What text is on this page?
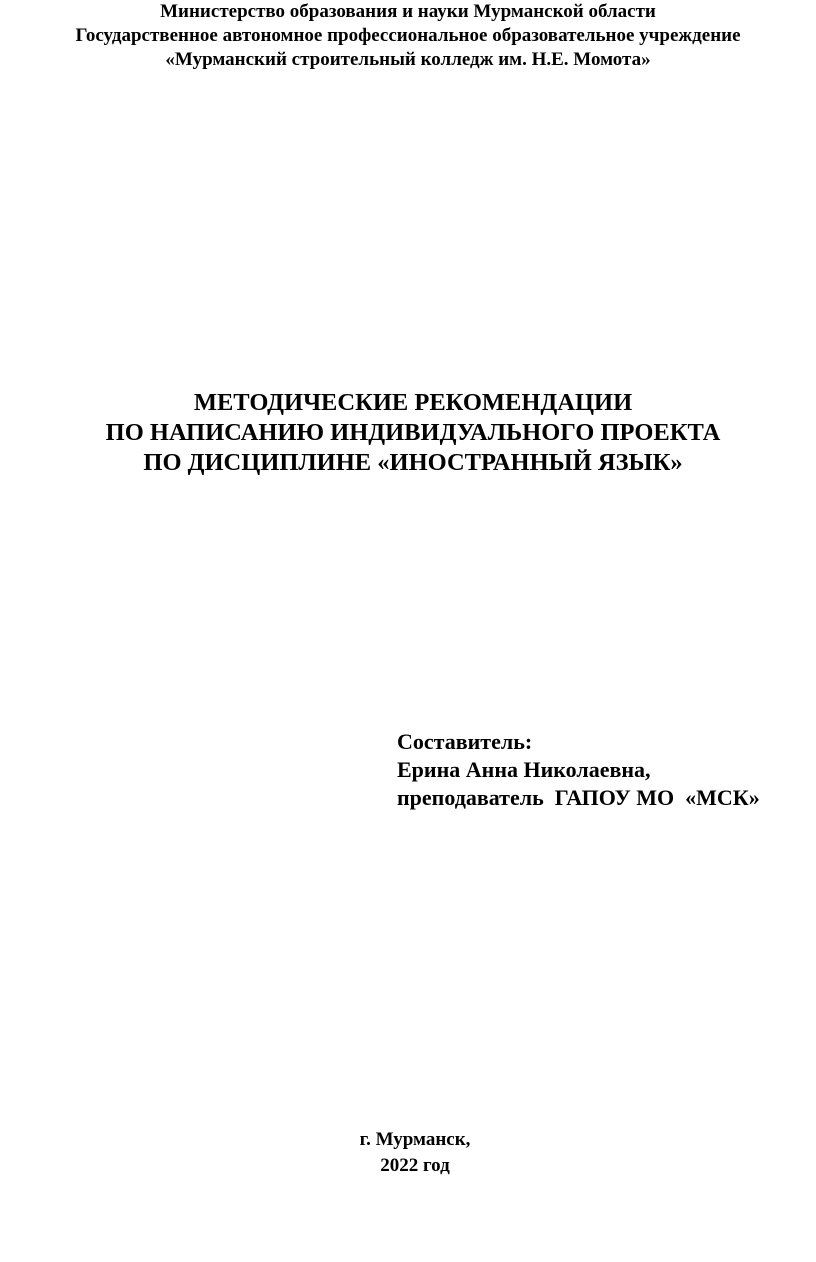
Министерство образования и науки Мурманской области
Государственное автономное профессиональное образовательное учреждение
«Мурманский строительный колледж им. Н.Е. Момота»
МЕТОДИЧЕСКИЕ РЕКОМЕНДАЦИИ
ПО НАПИСАНИЮ ИНДИВИДУАЛЬНОГО ПРОЕКТА
ПО ДИСЦИПЛИНЕ «ИНОСТРАННЫЙ ЯЗЫК»
Составитель:
Ерина Анна Николаевна,
преподаватель  ГАПОУ МО  «МСК»
г. Мурманск,
2022 год
